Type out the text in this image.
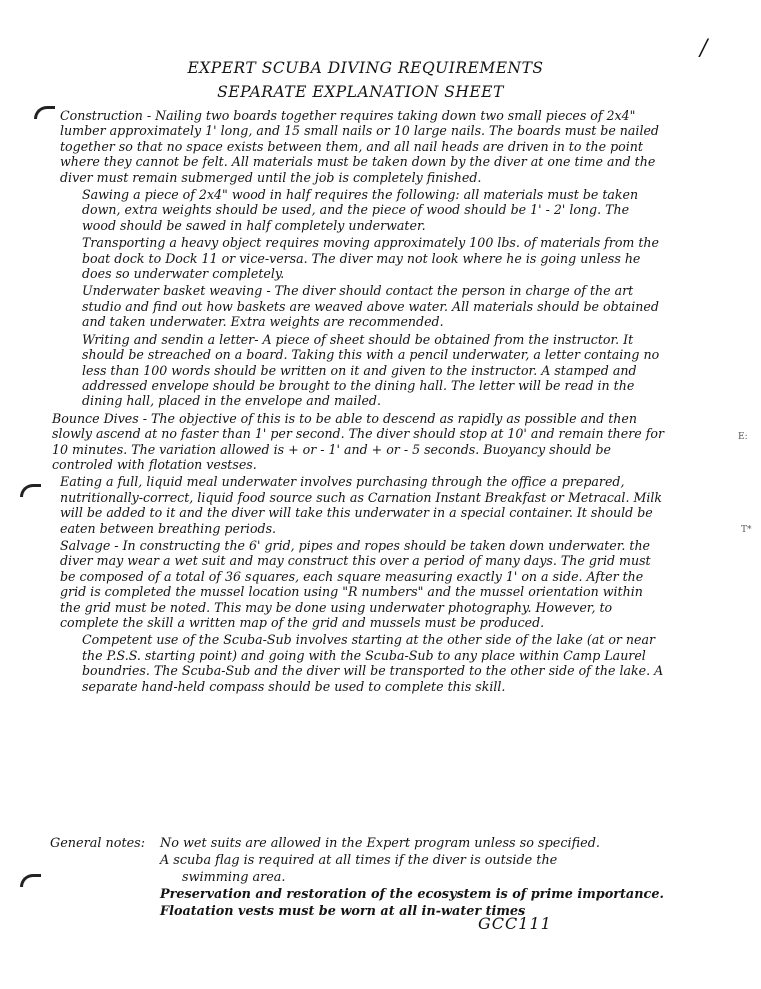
/
E:
T*
EXPERT SCUBA DIVING REQUIREMENTS
SEPARATE EXPLANATION SHEET

Construction - Nailing two boards together requires taking down two small pieces of 2x4" lumber approximately 1' long, and 15 small nails or 10 large nails. The boards must be nailed together so that no space exists between them, and all nail heads are driven in to the point where they cannot be felt. All materials must be taken down by the diver at one time and the diver must remain submerged until the job is completely finished.

Sawing a piece of 2x4" wood in half requires the following: all materials must be taken down, extra weights should be used, and the piece of wood should be 1' - 2' long. The wood should be sawed in half completely underwater.

Transporting a heavy object requires moving approximately 100 lbs. of materials from the boat dock to Dock 11 or vice-versa. The diver may not look where he is going unless he does so underwater completely.

Underwater basket weaving - The diver should contact the person in charge of the art studio and find out how baskets are weaved above water. All materials should be obtained and taken underwater. Extra weights are recommended.

Writing and sendin a letter- A piece of sheet should be obtained from the instructor. It should be streached on a board. Taking this with a pencil underwater, a letter containg no less than 100 words should be written on it and given to the instructor. A stamped and addressed envelope should be brought to the dining hall. The letter will be read in the dining hall, placed in the envelope and mailed.

Bounce Dives - The objective of this is to be able to descend as rapidly as possible and then slowly ascend at no faster than 1' per second. The diver should stop at 10' and remain there for 10 minutes. The variation allowed is + or - 1' and + or - 5 seconds. Buoyancy should be controled with flotation vestses.

Eating a full, liquid meal underwater involves purchasing through the office a prepared, nutritionally-correct, liquid food source such as Carnation Instant Breakfast or Metracal. Milk will be added to it and the diver will take this underwater in a special container. It should be eaten between breathing periods.

Salvage - In constructing the 6' grid, pipes and ropes should be taken down underwater. the diver may wear a wet suit and may construct this over a period of many days. The grid must be composed of a total of 36 squares, each square measuring exactly 1' on a side. After the grid is completed the mussel location using "R numbers" and the mussel orientation within the grid must be noted. This may be done using underwater photography. However, to complete the skill a written map of the grid and mussels must be produced.

Competent use of the Scuba-Sub involves starting at the other side of the lake (at or near the P.S.S. starting point) and going with the Scuba-Sub to any place within Camp Laurel boundries. The Scuba-Sub and the diver will be transported to the other side of the lake. A separate hand-held compass should be used to complete this skill.

General notes:	No wet suits are allowed in the Expert program unless so specified.
A scuba flag is required at all times if the diver is outside the
swimming area.
Preservation and restoration of the ecosystem is of prime importance.
Floatation vests must be worn at all in-water times
GCC111
